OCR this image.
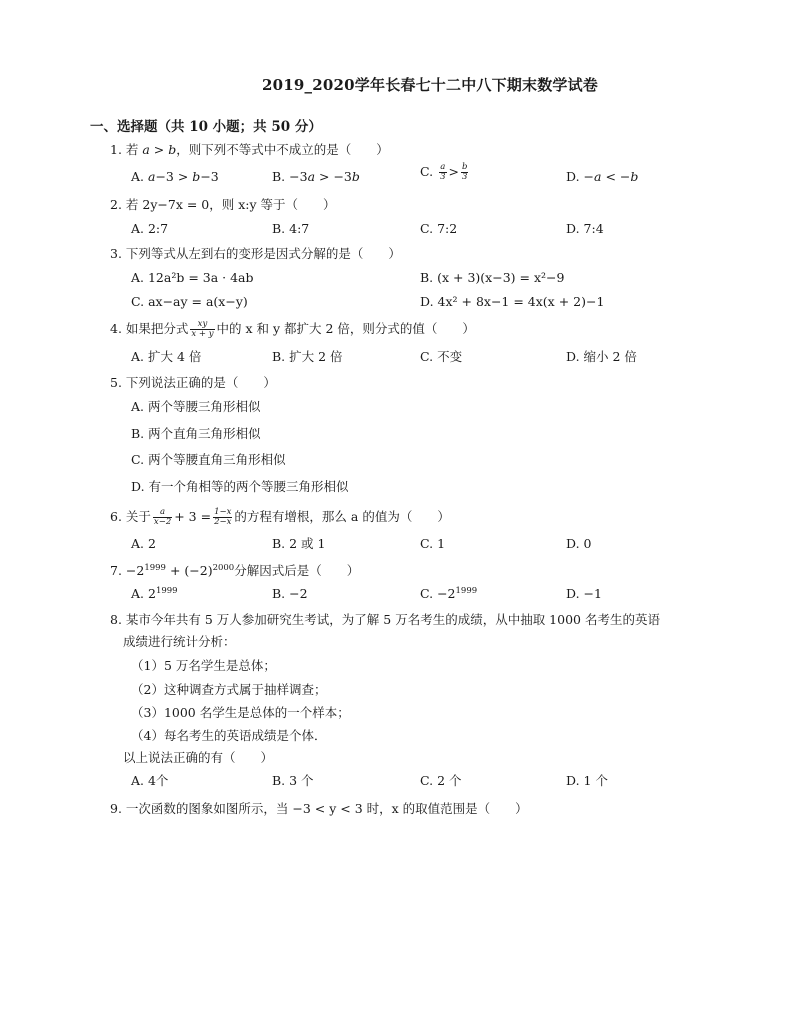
2019_2020学年长春七十二中八下期末数学试卷
一、选择题（共 10 小题；共 50 分）
1. 若 a > b，则下列不等式中不成立的是（　　）
A. a−3 > b−3	B. −3a > −3b	C. $\frac{a}{3} > \frac{b}{3}$	D. −a < −b
2. 若 2y−7x = 0，则 x:y 等于（　　）
A. 2:7	B. 4:7	C. 7:2	D. 7:4
3. 下列等式从左到右的变形是因式分解的是（　　）
A. 12a²b = 3a · 4ab	B. (x + 3)(x−3) = x²−9
C. ax−ay = a(x−y)	D. 4x² + 8x−1 = 4x(x + 2)−1
4. 如果把分式 $\frac{xy}{x + y}$ 中的 x 和 y 都扩大 2 倍，则分式的值（　　）
A. 扩大 4 倍	B. 扩大 2 倍	C. 不变	D. 缩小 2 倍
5. 下列说法正确的是（　　）
A. 两个等腰三角形相似
B. 两个直角三角形相似
C. 两个等腰直角三角形相似
D. 有一个角相等的两个等腰三角形相似
6. 关于 $\frac{a}{x-2} + 3 = \frac{1-x}{2-x}$ 的方程有增根，那么 a 的值为（　　）
A. 2	B. 2 或 1	C. 1	D. 0
7. $-2^{1999} + (-2)^{2000}$分解因式后是（　　）
A. $2^{1999}$	B. −2	C. $-2^{1999}$	D. −1
8. 某市今年共有 5 万人参加研究生考试，为了解 5 万名考生的成绩，从中抽取 1000 名考生的英语
成绩进行统计分析：
（1）5 万名学生是总体；
（2）这种调查方式属于抽样调查；
（3）1000 名学生是总体的一个样本；
（4）每名考生的英语成绩是个体．
以上说法正确的有（　　）
A. 4个	B. 3 个	C. 2 个	D. 1 个
9. 一次函数的图象如图所示，当 −3 < y < 3 时，x 的取值范围是（　　）
